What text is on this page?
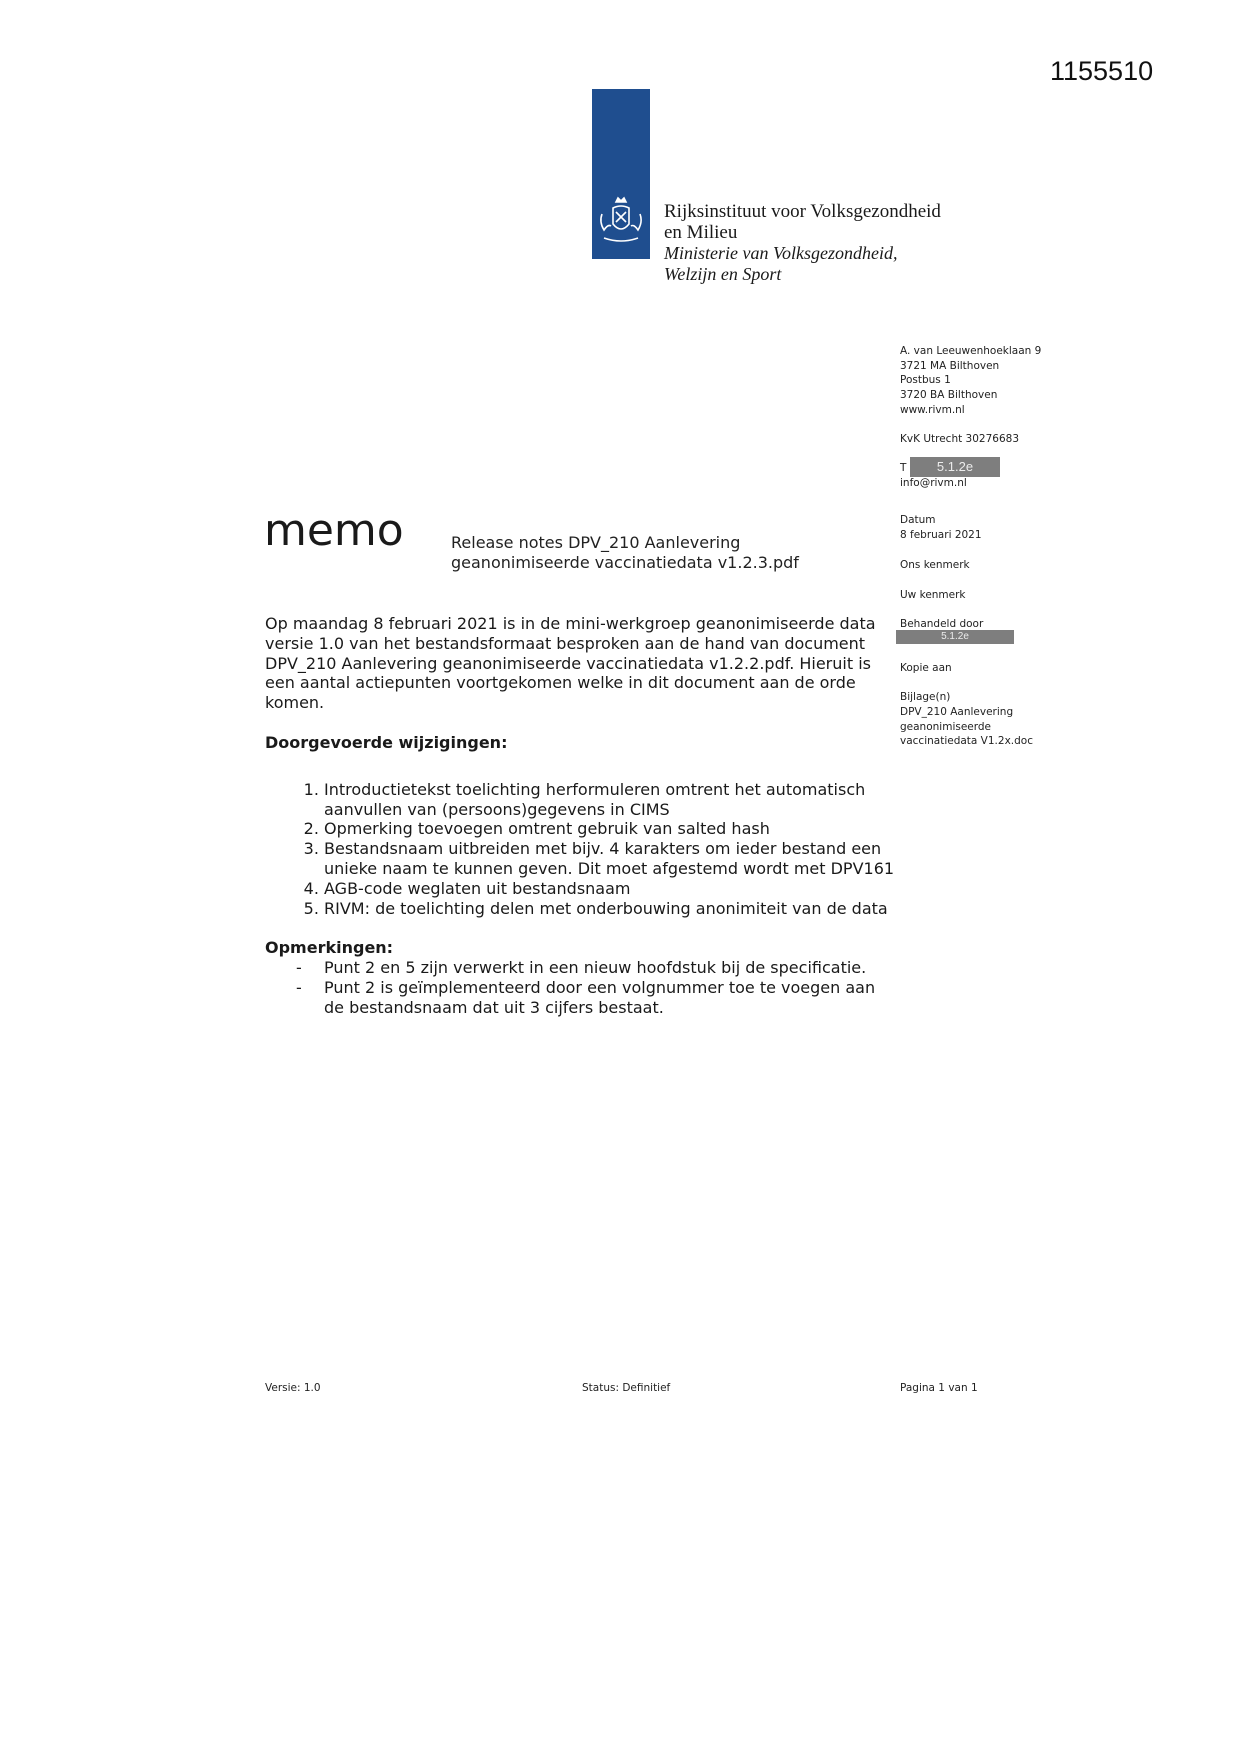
1155510
Rijksinstituut voor Volksgezondheid
en Milieu
Ministerie van Volksgezondheid,
Welzijn en Sport
A. van Leeuwenhoeklaan 9
3721 MA Bilthoven
Postbus 1
3720 BA Bilthoven
www.rivm.nl
KvK Utrecht 30276683
T	5.1.2e
info@rivm.nl
Datum
8 februari 2021
Ons kenmerk
Uw kenmerk
Behandeld door
5.1.2e
Kopie aan
Bijlage(n)
DPV_210 Aanlevering
geanonimiseerde
vaccinatiedata V1.2x.doc
memo	Release notes DPV_210 Aanlevering
geanonimiseerde vaccinatiedata v1.2.3.pdf

Op maandag 8 februari 2021 is in de mini-werkgroep geanonimiseerde data versie 1.0 van het bestandsformaat besproken aan de hand van document DPV_210 Aanlevering geanonimiseerde vaccinatiedata v1.2.2.pdf. Hieruit is een aantal actiepunten voortgekomen welke in dit document aan de orde komen.

Doorgevoerde wijzigingen:

1. Introductietekst toelichting herformuleren omtrent het automatisch aanvullen van (persoons)gegevens in CIMS
2. Opmerking toevoegen omtrent gebruik van salted hash
3. Bestandsnaam uitbreiden met bijv. 4 karakters om ieder bestand een unieke naam te kunnen geven. Dit moet afgestemd wordt met DPV161
4. AGB-code weglaten uit bestandsnaam
5. RIVM: de toelichting delen met onderbouwing anonimiteit van de data

Opmerkingen:

- Punt 2 en 5 zijn verwerkt in een nieuw hoofdstuk bij de specificatie.
- Punt 2 is geïmplementeerd door een volgnummer toe te voegen aan de bestandsnaam dat uit 3 cijfers bestaat.
Versie: 1.0	Status: Definitief	Pagina 1 van 1
